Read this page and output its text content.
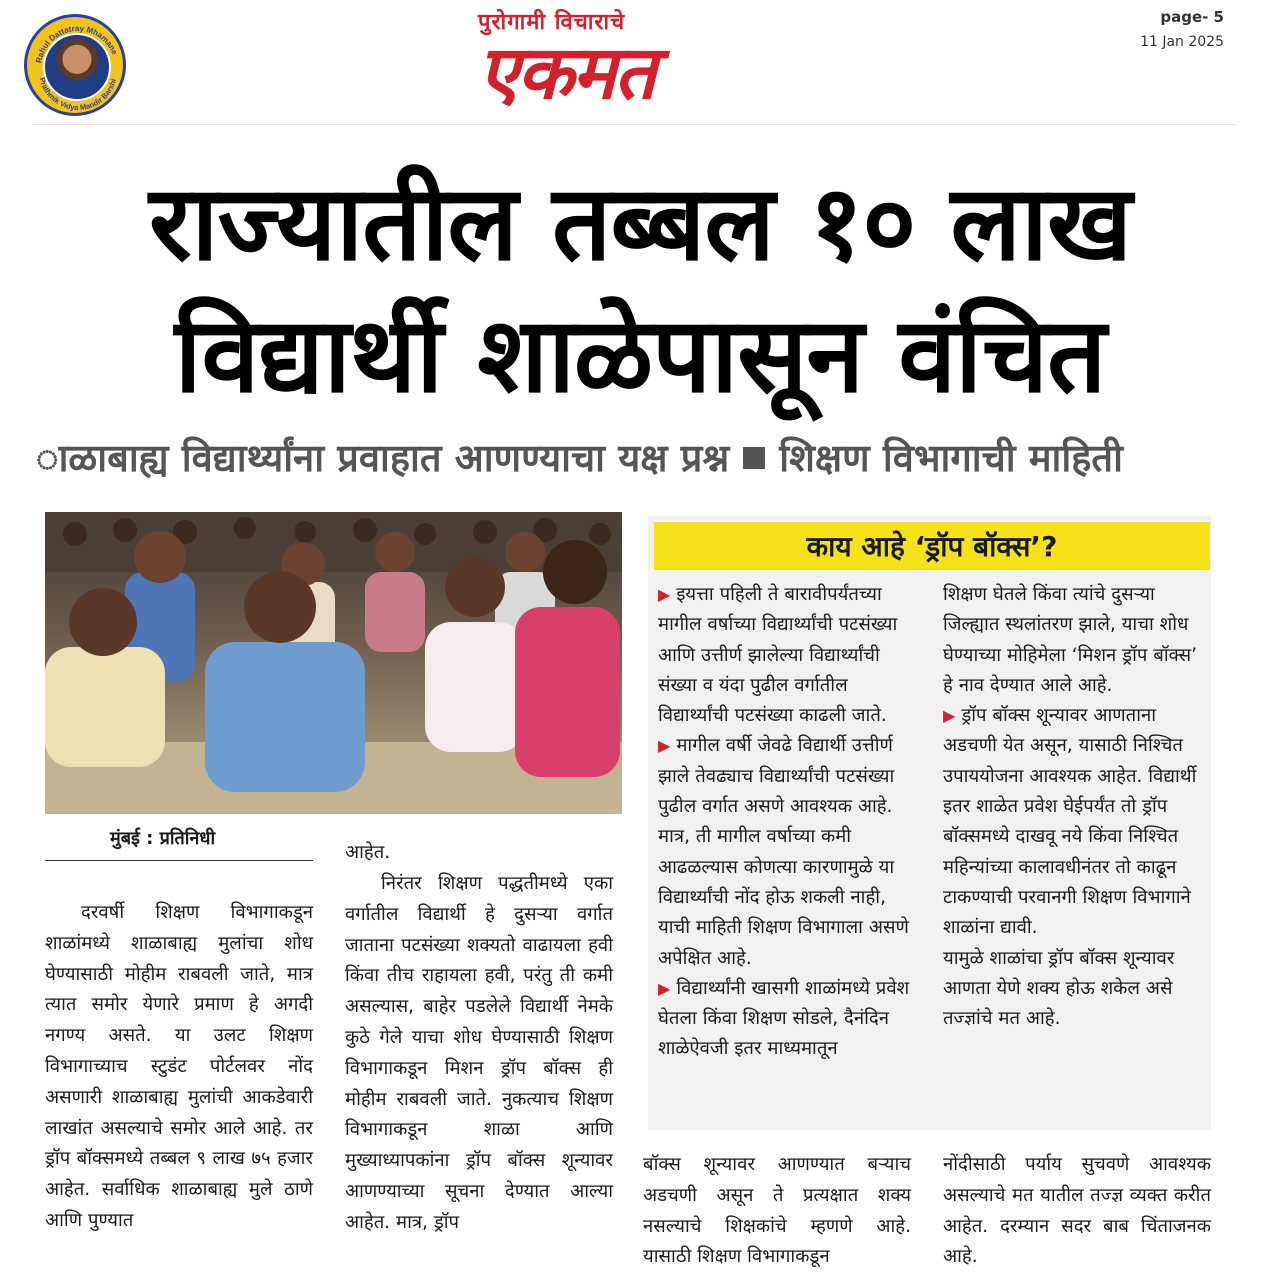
Rahul Dattatray Mhamane
Prathmik Vidya Mandir Barshi
पुरोगामी विचाराचे
एकमत
page- 5
11 Jan 2025
राज्यातील तब्बल १० लाख
विद्यार्थी शाळेपासून वंचित
ाळाबाह्य विद्यार्थ्यांना प्रवाहात आणण्याचा यक्ष प्रश्न शिक्षण विभागाची माहिती
मुंबई : प्रतिनिधी
दरवर्षी शिक्षण विभागाकडून शाळांमध्ये शाळाबाह्य मुलांचा शोध घेण्यासाठी मोहीम राबवली जाते, मात्र त्यात समोर येणारे प्रमाण हे अगदी नगण्य असते. या उलट शिक्षण विभागाच्याच स्टुडंट पोर्टलवर नोंद असणारी शाळाबाह्य मुलांची आकडेवारी लाखांत असल्याचे समोर आले आहे. तर ड्रॉप बॉक्समध्ये तब्बल ९ लाख ७५ हजार आहेत. सर्वाधिक शाळाबाह्य मुले ठाणे आणि पुण्यात
आहेत.
निरंतर शिक्षण पद्धतीमध्ये एका वर्गातील विद्यार्थी हे दुसऱ्या वर्गात जाताना पटसंख्या शक्यतो वाढायला हवी किंवा तीच राहायला हवी, परंतु ती कमी असल्यास, बाहेर पडलेले विद्यार्थी नेमके कुठे गेले याचा शोध घेण्यासाठी शिक्षण विभागाकडून मिशन ड्रॉप बॉक्स ही मोहीम राबवली जाते. नुकत्याच शिक्षण विभागाकडून शाळा आणि मुख्याध्यापकांना ड्रॉप बॉक्स शून्यावर आणण्याच्या सूचना देण्यात आल्या आहेत. मात्र, ड्रॉप
बॉक्स शून्यावर आणण्यात बऱ्याच अडचणी असून ते प्रत्यक्षात शक्य नसल्याचे शिक्षकांचे म्हणणे आहे. यासाठी शिक्षण विभागाकडून
नोंदीसाठी पर्याय सुचवणे आवश्यक असल्याचे मत यातील तज्ज्ञ व्यक्त करीत आहेत. दरम्यान सदर बाब चिंताजनक आहे.
काय आहे ‘ड्रॉप बॉक्स’?

▶ इयत्ता पहिली ते बारावीपर्यंतच्या मागील वर्षाच्या विद्यार्थ्यांची पटसंख्या आणि उत्तीर्ण झालेल्या विद्यार्थ्यांची संख्या व यंदा पुढील वर्गातील विद्यार्थ्यांची पटसंख्या काढली जाते.

▶ मागील वर्षी जेवढे विद्यार्थी उत्तीर्ण झाले तेवढ्याच विद्यार्थ्यांची पटसंख्या पुढील वर्गात असणे आवश्यक आहे. मात्र, ती मागील वर्षाच्या कमी आढळल्यास कोणत्या कारणामुळे या विद्यार्थ्यांची नोंद होऊ शकली नाही, याची माहिती शिक्षण विभागाला असणे अपेक्षित आहे.

▶ विद्यार्थ्यांनी खासगी शाळांमध्ये प्रवेश घेतला किंवा शिक्षण सोडले, दैनंदिन शाळेऐवजी इतर माध्यमातून

शिक्षण घेतले किंवा त्यांचे दुसऱ्या जिल्ह्यात स्थलांतरण झाले, याचा शोध घेण्याच्या मोहिमेला ‘मिशन ड्रॉप बॉक्स’ हे नाव देण्यात आले आहे.

▶ ड्रॉप बॉक्स शून्यावर आणताना अडचणी येत असून, यासाठी निश्चित उपाययोजना आवश्यक आहेत. विद्यार्थी इतर शाळेत प्रवेश घेईपर्यंत तो ड्रॉप बॉक्समध्ये दाखवू नये किंवा निश्चित महिन्यांच्या कालावधीनंतर तो काढून टाकण्याची परवानगी शिक्षण विभागाने शाळांना द्यावी.

यामुळे शाळांचा ड्रॉप बॉक्स शून्यावर आणता येणे शक्य होऊ शकेल असे तज्ज्ञांचे मत आहे.
